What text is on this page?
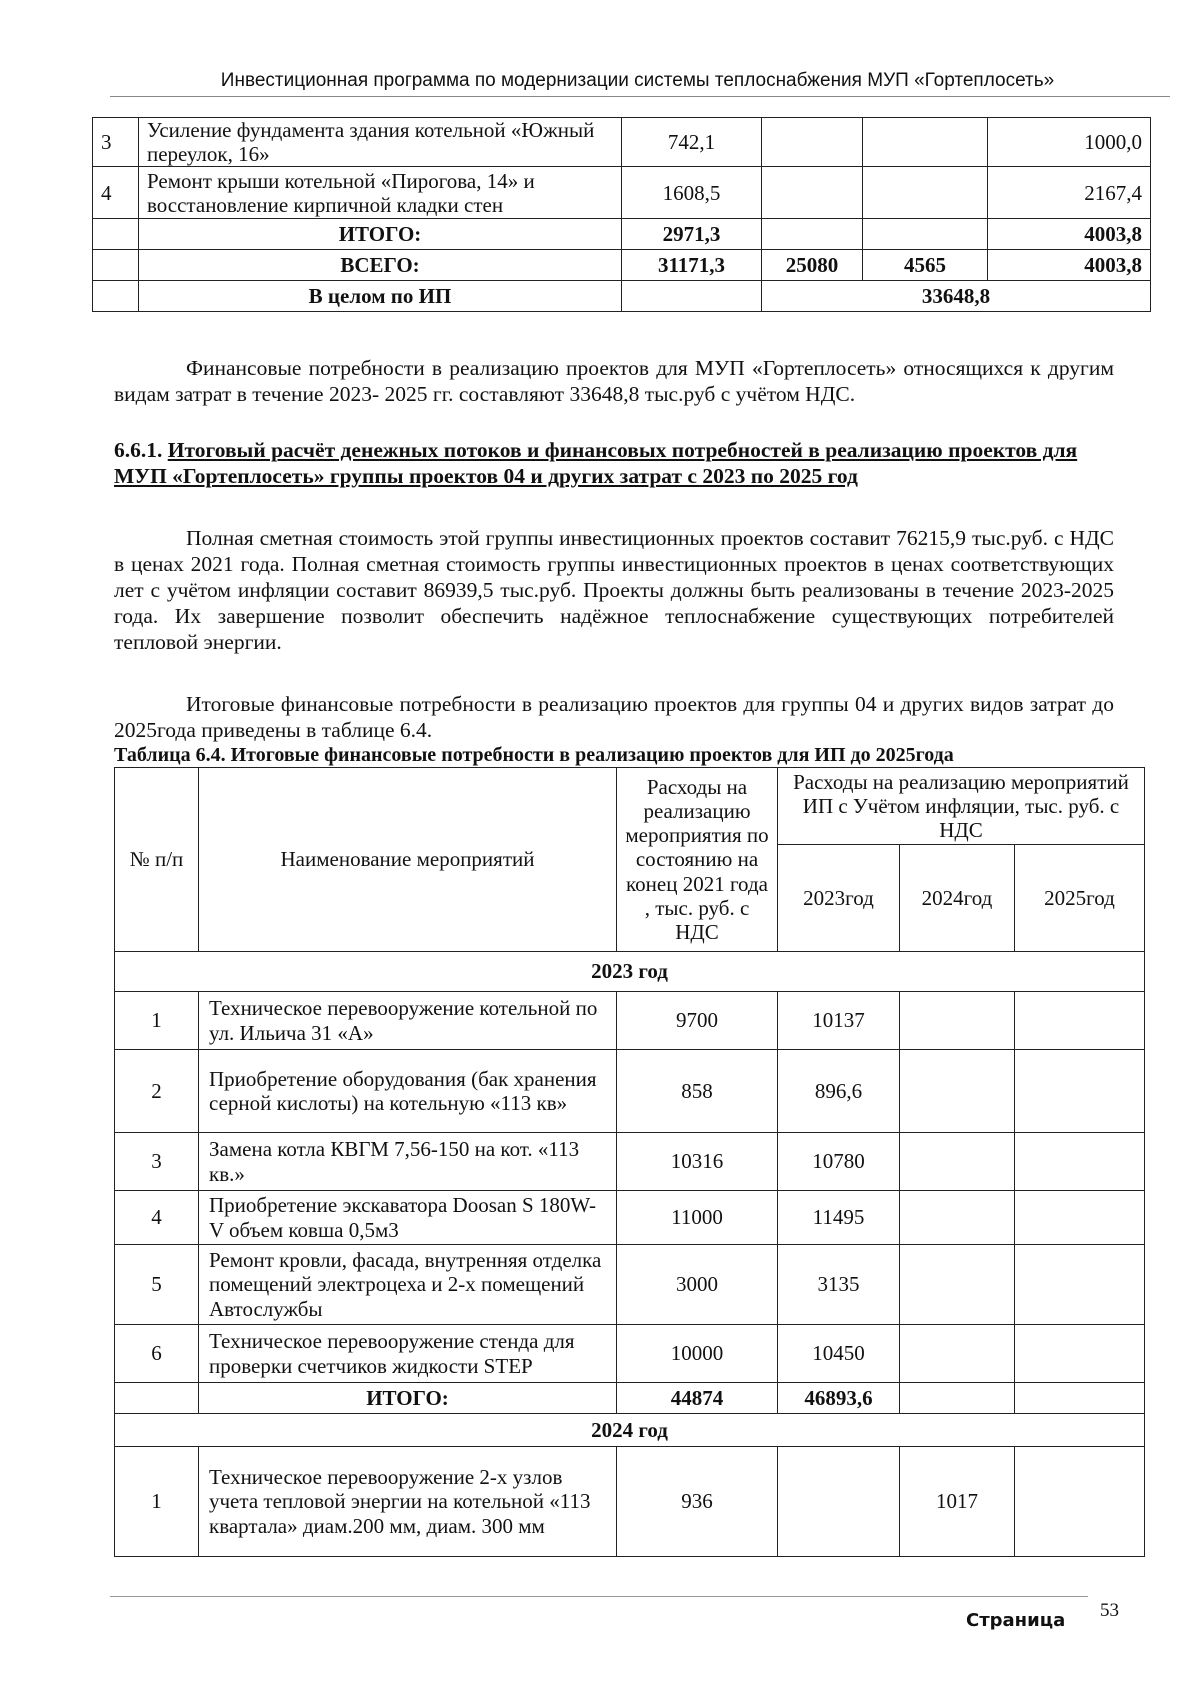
Инвестиционная программа по модернизации системы теплоснабжения МУП «Гортеплосеть»
3	Усиление фундамента здания котельной «Южный переулок, 16»	742,1			1000,0
4	Ремонт крыши котельной «Пирогова, 14» и восстановление кирпичной кладки стен	1608,5			2167,4
	ИТОГО:	2971,3			4003,8
	ВСЕГО:	31171,3	25080	4565	4003,8
	В целом по ИП		33648,8		

Финансовые потребности в реализацию проектов для МУП «Гортеплосеть» относящихся к другим видам затрат в течение 2023- 2025 гг. составляют 33648,8 тыс.руб с учётом НДС.

6.6.1. Итоговый расчёт денежных потоков и финансовых потребностей в реализацию проектов для МУП «Гортеплосеть» группы проектов 04 и других затрат с 2023 по 2025 год

Полная сметная стоимость этой группы инвестиционных проектов составит 76215,9 тыс.руб. с НДС в ценах 2021 года. Полная сметная стоимость группы инвестиционных проектов в ценах соответствующих лет с учётом инфляции составит 86939,5 тыс.руб. Проекты должны быть реализованы в течение 2023-2025 года. Их завершение позволит обеспечить надёжное теплоснабжение существующих потребителей тепловой энергии.

Итоговые финансовые потребности в реализацию проектов для группы 04 и других видов затрат до 2025года приведены в таблице 6.4.

Таблица 6.4. Итоговые финансовые потребности в реализацию проектов для ИП до 2025года

№ п/п	Наименование мероприятий	Расходы на реализацию мероприятия по состоянию на конец 2021 года , тыс. руб. с НДС	Расходы на реализацию мероприятий ИП с Учётом инфляции, тыс. руб. с НДС		
			2023год	2024год	2025год
2023 год					
1	Техническое перевооружение котельной по ул. Ильича 31 «А»	9700	10137		
2	Приобретение оборудования (бак хранения серной кислоты) на котельную «113 кв»	858	896,6		
3	Замена котла КВГМ 7,56-150 на кот. «113 кв.»	10316	10780		
4	Приобретение экскаватора Doosan S 180W-V объем ковша 0,5м3	11000	11495		
5	Ремонт кровли, фасада, внутренняя отделка помещений электроцеха и 2-х помещений Автослужбы	3000	3135		
6	Техническое перевооружение стенда для проверки счетчиков жидкости STEP	10000	10450		
	ИТОГО:	44874	46893,6		
2024 год					
1	Техническое перевооружение 2-х узлов учета тепловой энергии на котельной «113 квартала» диам.200 мм, диам. 300 мм	936		1017	
Страница 53
